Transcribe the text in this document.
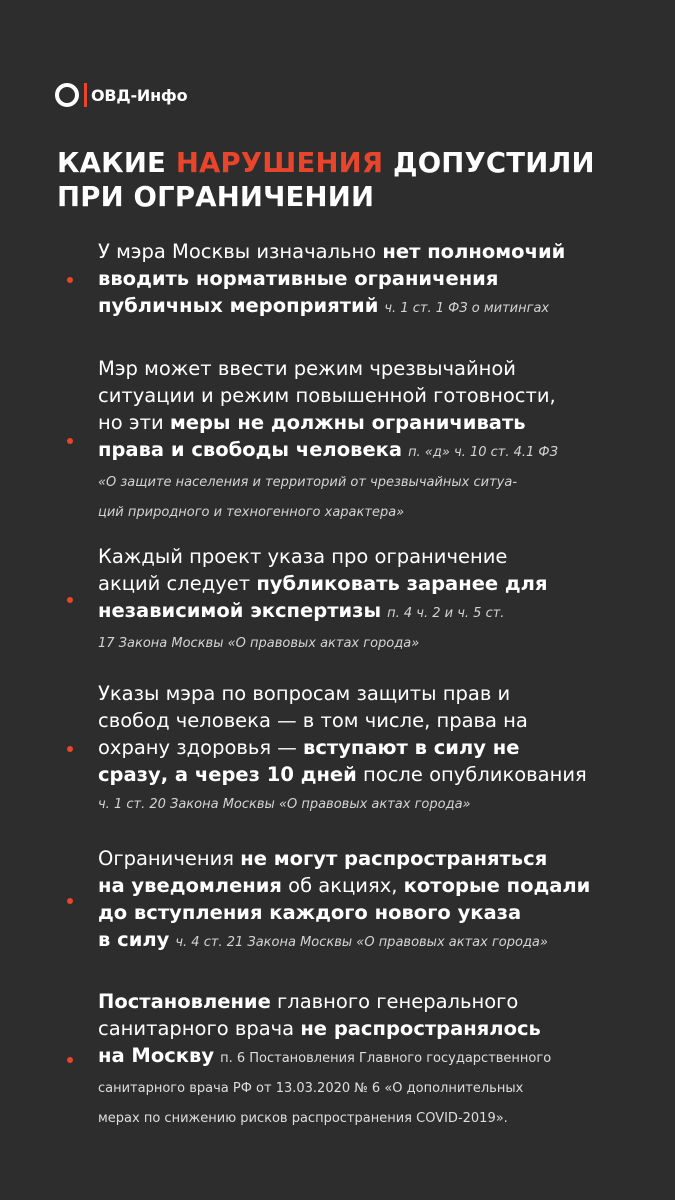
ОВД-Инфо
КАКИЕ НАРУШЕНИЯ ДОПУСТИЛИ
ПРИ ОГРАНИЧЕНИИ
У мэра Москвы изначально нет полномочий
вводить нормативные ограничения
публичных мероприятий ч. 1 ст. 1 ФЗ о митингах
Мэр может ввести режим чрезвычайной
ситуации и режим повышенной готовности,
но эти меры не должны ограничивать
права и свободы человека п. «д» ч. 10 ст. 4.1 ФЗ
«О защите населения и территорий от чрезвычайных ситуа-
ций природного и техногенного характера»
Каждый проект указа про ограничение
акций следует публиковать заранее для
независимой экспертизы п. 4 ч. 2 и ч. 5 ст.
17 Закона Москвы «О правовых актах города»
Указы мэра по вопросам защиты прав и
свобод человека — в том числе, права на
охрану здоровья — вступают в силу не
сразу, а через 10 дней после опубликования
ч. 1 ст. 20 Закона Москвы «О правовых актах города»
Ограничения не могут распространяться
на уведомления об акциях, которые подали
до вступления каждого нового указа
в силу ч. 4 ст. 21 Закона Москвы «О правовых актах города»
Постановление главного генерального
санитарного врача не распространялось
на Москву п. 6 Постановления Главного государственного
санитарного врача РФ от 13.03.2020 № 6 «О дополнительных
мерах по снижению рисков распространения COVID-2019».
